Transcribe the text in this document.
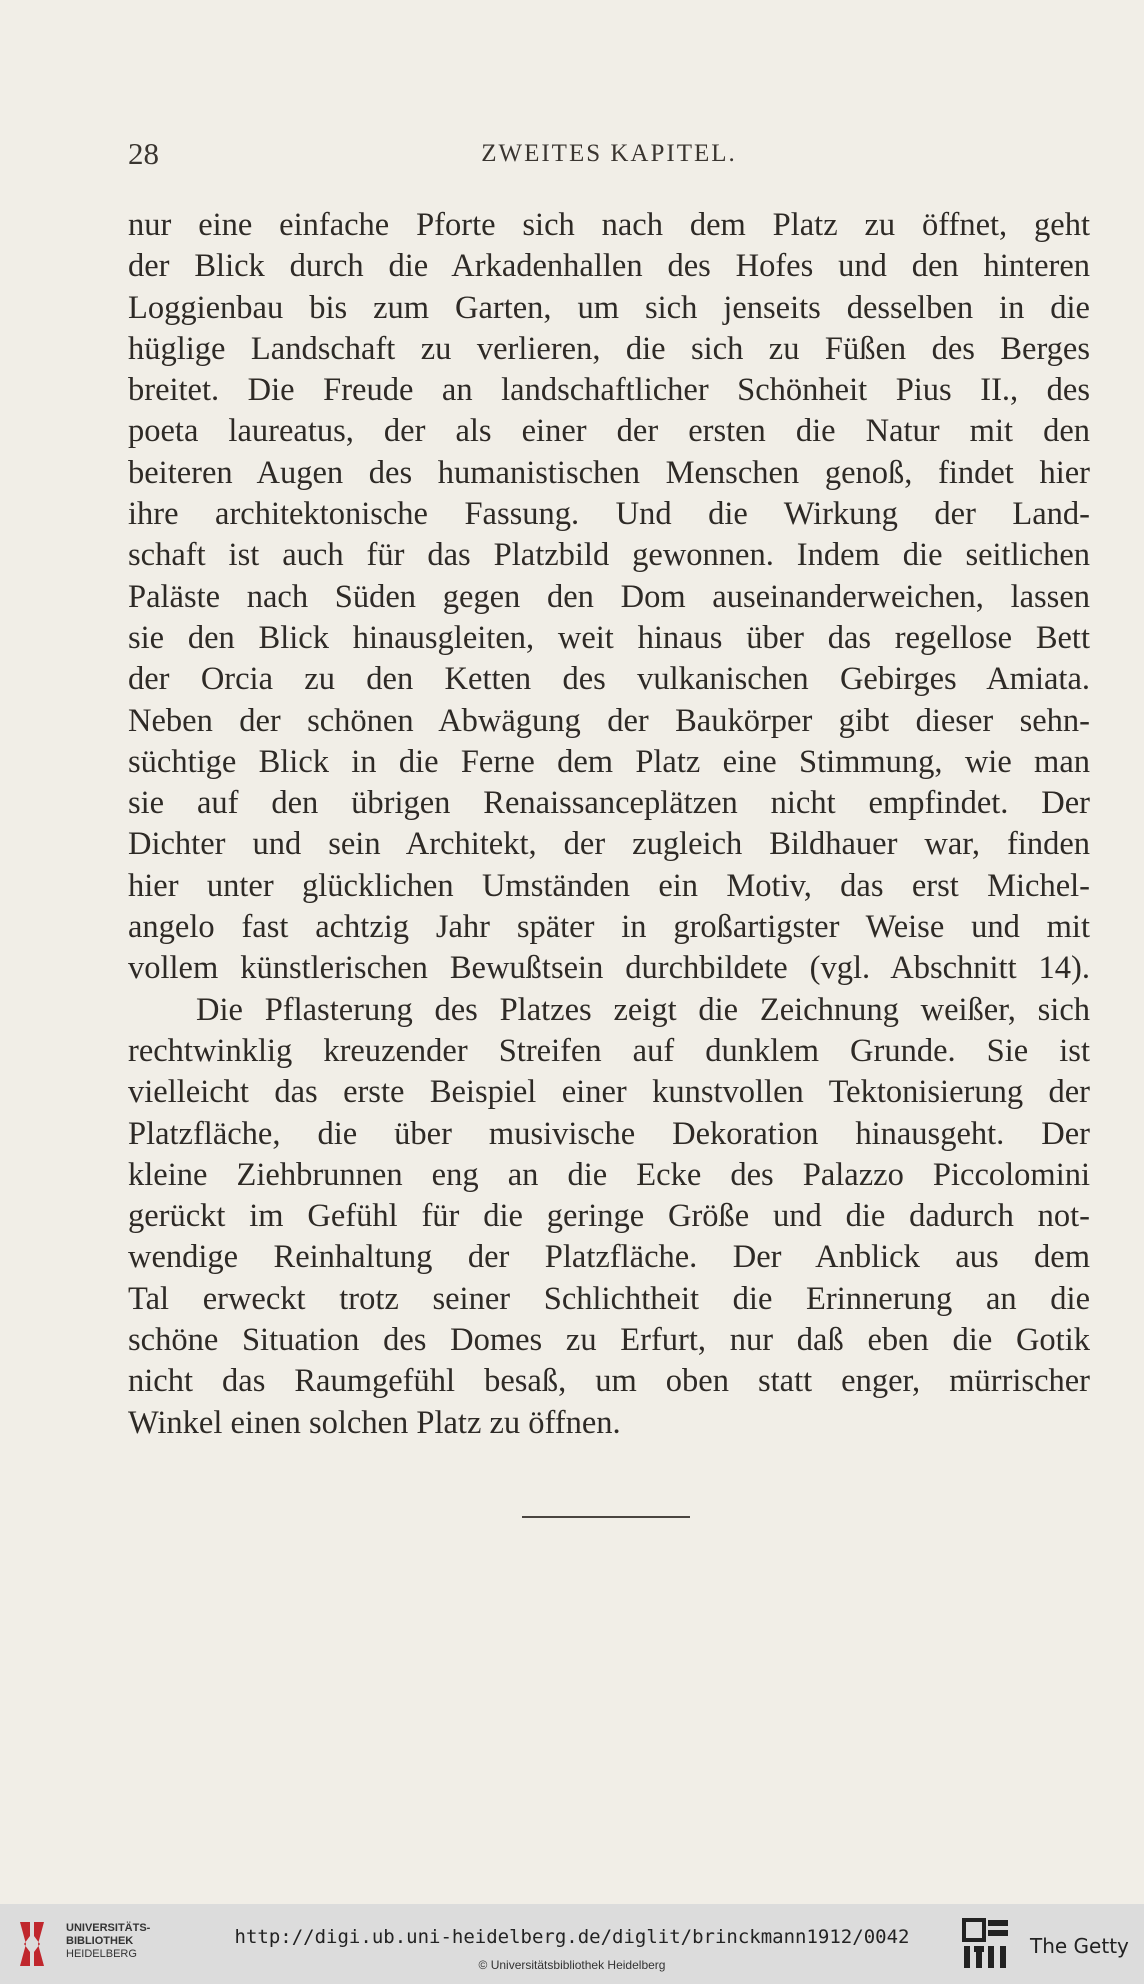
28	ZWEITES KAPITEL.
nur eine einfache Pforte sich nach dem Platz zu öffnet, geht
der Blick durch die Arkadenhallen des Hofes und den hinteren
Loggienbau bis zum Garten, um sich jenseits desselben in die
hüglige Landschaft zu verlieren, die sich zu Füßen des Berges
breitet. Die Freude an landschaftlicher Schönheit Pius II., des
poeta laureatus, der als einer der ersten die Natur mit den
beiteren Augen des humanistischen Menschen genoß, findet hier
ihre architektonische Fassung. Und die Wirkung der Land-
schaft ist auch für das Platzbild gewonnen. Indem die seitlichen
Paläste nach Süden gegen den Dom auseinanderweichen, lassen
sie den Blick hinausgleiten, weit hinaus über das regellose Bett
der Orcia zu den Ketten des vulkanischen Gebirges Amiata.
Neben der schönen Abwägung der Baukörper gibt dieser sehn-
süchtige Blick in die Ferne dem Platz eine Stimmung, wie man
sie auf den übrigen Renaissanceplätzen nicht empfindet. Der
Dichter und sein Architekt, der zugleich Bildhauer war, finden
hier unter glücklichen Umständen ein Motiv, das erst Michel-
angelo fast achtzig Jahr später in großartigster Weise und mit
vollem künstlerischen Bewußtsein durchbildete (vgl. Abschnitt 14).
Die Pflasterung des Platzes zeigt die Zeichnung weißer, sich
rechtwinklig kreuzender Streifen auf dunklem Grunde. Sie ist
vielleicht das erste Beispiel einer kunstvollen Tektonisierung der
Platzfläche, die über musivische Dekoration hinausgeht. Der
kleine Ziehbrunnen eng an die Ecke des Palazzo Piccolomini
gerückt im Gefühl für die geringe Größe und die dadurch not-
wendige Reinhaltung der Platzfläche. Der Anblick aus dem
Tal erweckt trotz seiner Schlichtheit die Erinnerung an die
schöne Situation des Domes zu Erfurt, nur daß eben die Gotik
nicht das Raumgefühl besaß, um oben statt enger, mürrischer
Winkel einen solchen Platz zu öffnen.
UNIVERSITÄTS-
BIBLIOTHEK
HEIDELBERG
http://digi.ub.uni-heidelberg.de/diglit/brinckmann1912/0042
© Universitätsbibliothek Heidelberg
The Getty
